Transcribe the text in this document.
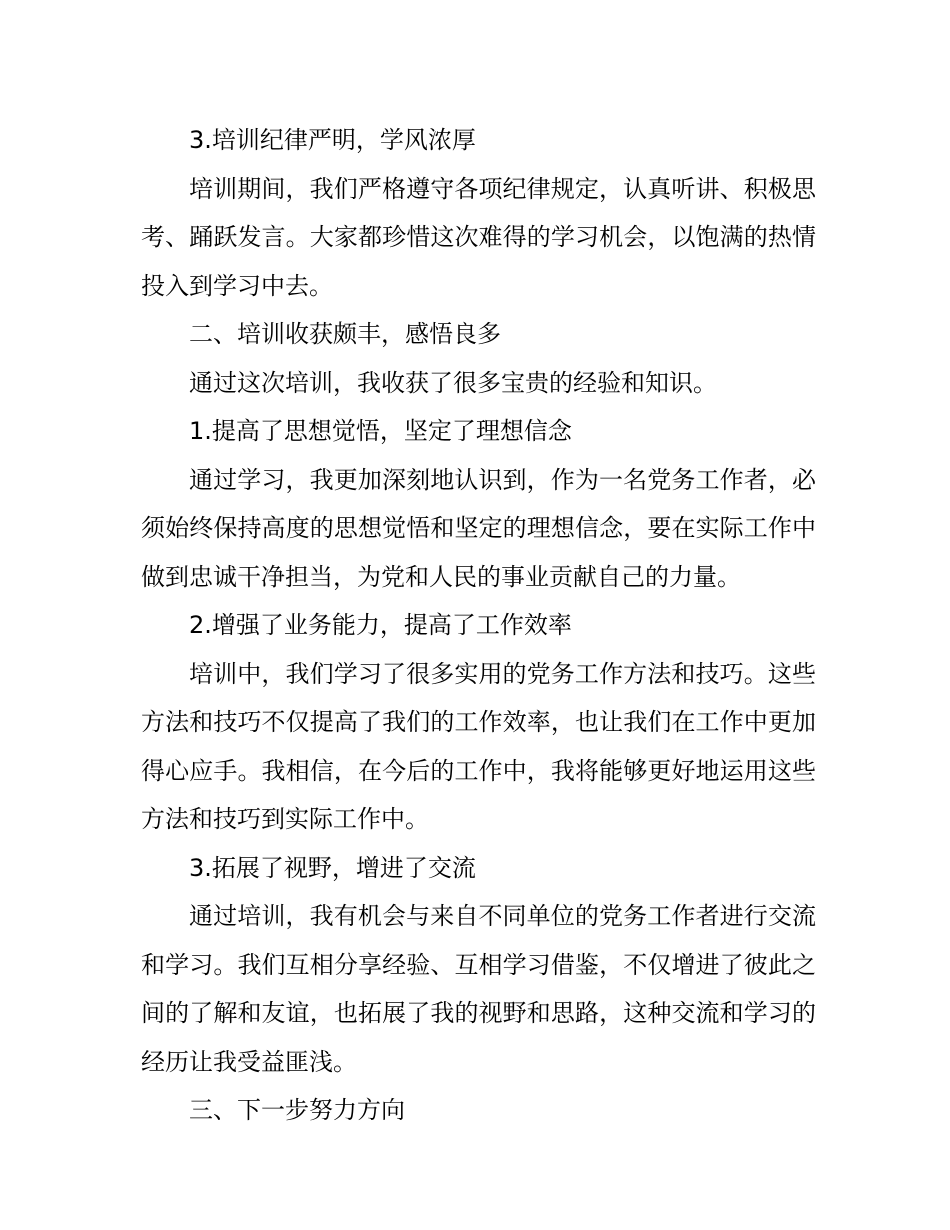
3.培训纪律严明，学风浓厚

培训期间，我们严格遵守各项纪律规定，认真听讲、积极思考、踊跃发言。大家都珍惜这次难得的学习机会，以饱满的热情投入到学习中去。

二、培训收获颇丰，感悟良多

通过这次培训，我收获了很多宝贵的经验和知识。

1.提高了思想觉悟，坚定了理想信念

通过学习，我更加深刻地认识到，作为一名党务工作者，必须始终保持高度的思想觉悟和坚定的理想信念，要在实际工作中做到忠诚干净担当，为党和人民的事业贡献自己的力量。

2.增强了业务能力，提高了工作效率

培训中，我们学习了很多实用的党务工作方法和技巧。这些方法和技巧不仅提高了我们的工作效率，也让我们在工作中更加得心应手。我相信，在今后的工作中，我将能够更好地运用这些方法和技巧到实际工作中。

3.拓展了视野，增进了交流

通过培训，我有机会与来自不同单位的党务工作者进行交流和学习。我们互相分享经验、互相学习借鉴，不仅增进了彼此之间的了解和友谊，也拓展了我的视野和思路，这种交流和学习的经历让我受益匪浅。

三、下一步努力方向
